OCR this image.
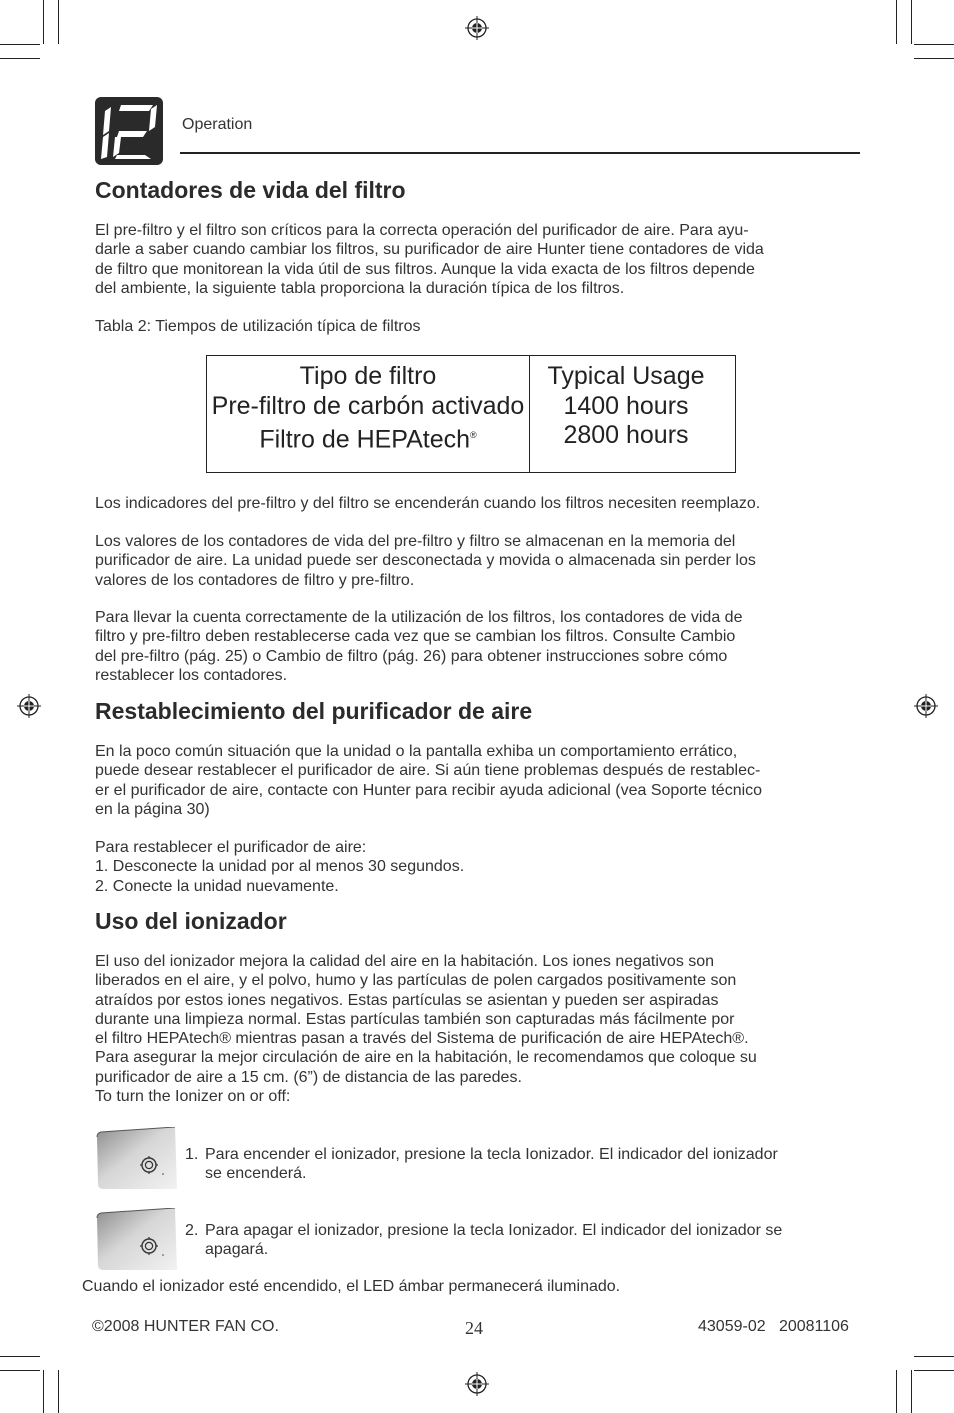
Operation
Contadores de vida del filtro
El pre-filtro y el filtro son críticos para la correcta operación del purificador de aire. Para ayu-
darle a saber cuando cambiar los filtros, su purificador de aire Hunter tiene contadores de vida
de filtro que monitorean la vida útil de sus filtros. Aunque la vida exacta de los filtros depende
del ambiente, la siguiente tabla proporciona la duración típica de los filtros.
Tabla 2: Tiempos de utilización típica de filtros
Tipo de filtro
Pre-filtro de carbón activado
Filtro de HEPAtech®
Typical Usage
1400 hours
2800 hours
Los indicadores del pre-filtro y del filtro se encenderán cuando los filtros necesiten reemplazo.
Los valores de los contadores de vida del pre-filtro y filtro se almacenan en la memoria del
purificador de aire. La unidad puede ser desconectada y movida o almacenada sin perder los
valores de los contadores de filtro y pre-filtro.
Para llevar la cuenta correctamente de la utilización de los filtros, los contadores de vida de
filtro y pre-filtro deben restablecerse cada vez que se cambian los filtros. Consulte Cambio
del pre-filtro (pág. 25) o Cambio de filtro (pág. 26) para obtener instrucciones sobre cómo
restablecer los contadores.
Restablecimiento del purificador de aire
En la poco común situación que la unidad o la pantalla exhiba un comportamiento errático,
puede desear restablecer el purificador de aire. Si aún tiene problemas después de restablec-
er el purificador de aire, contacte con Hunter para recibir ayuda adicional (vea Soporte técnico
en la página 30)
Para restablecer el purificador de aire:
1. Desconecte la unidad por al menos 30 segundos.
2. Conecte la unidad nuevamente.
Uso del ionizador
El uso del ionizador mejora la calidad del aire en la habitación. Los iones negativos son
liberados en el aire, y el polvo, humo y las partículas de polen cargados positivamente son
atraídos por estos iones negativos. Estas partículas se asientan y pueden ser aspiradas
durante una limpieza normal. Estas partículas también son capturadas más fácilmente por
el filtro HEPAtech® mientras pasan a través del Sistema de purificación de aire HEPAtech®.
Para asegurar la mejor circulación de aire en la habitación, le recomendamos que coloque su
purificador de aire a 15 cm. (6”) de distancia de las paredes.
To turn the Ionizer on or off:
1. Para encender el ionizador, presione la tecla Ionizador. El indicador del ionizador
se encenderá.
2. Para apagar el ionizador, presione la tecla Ionizador. El indicador del ionizador se
apagará.
Cuando el ionizador esté encendido, el LED ámbar permanecerá iluminado.
©2008 HUNTER FAN CO.	24	43059-02   20081106
